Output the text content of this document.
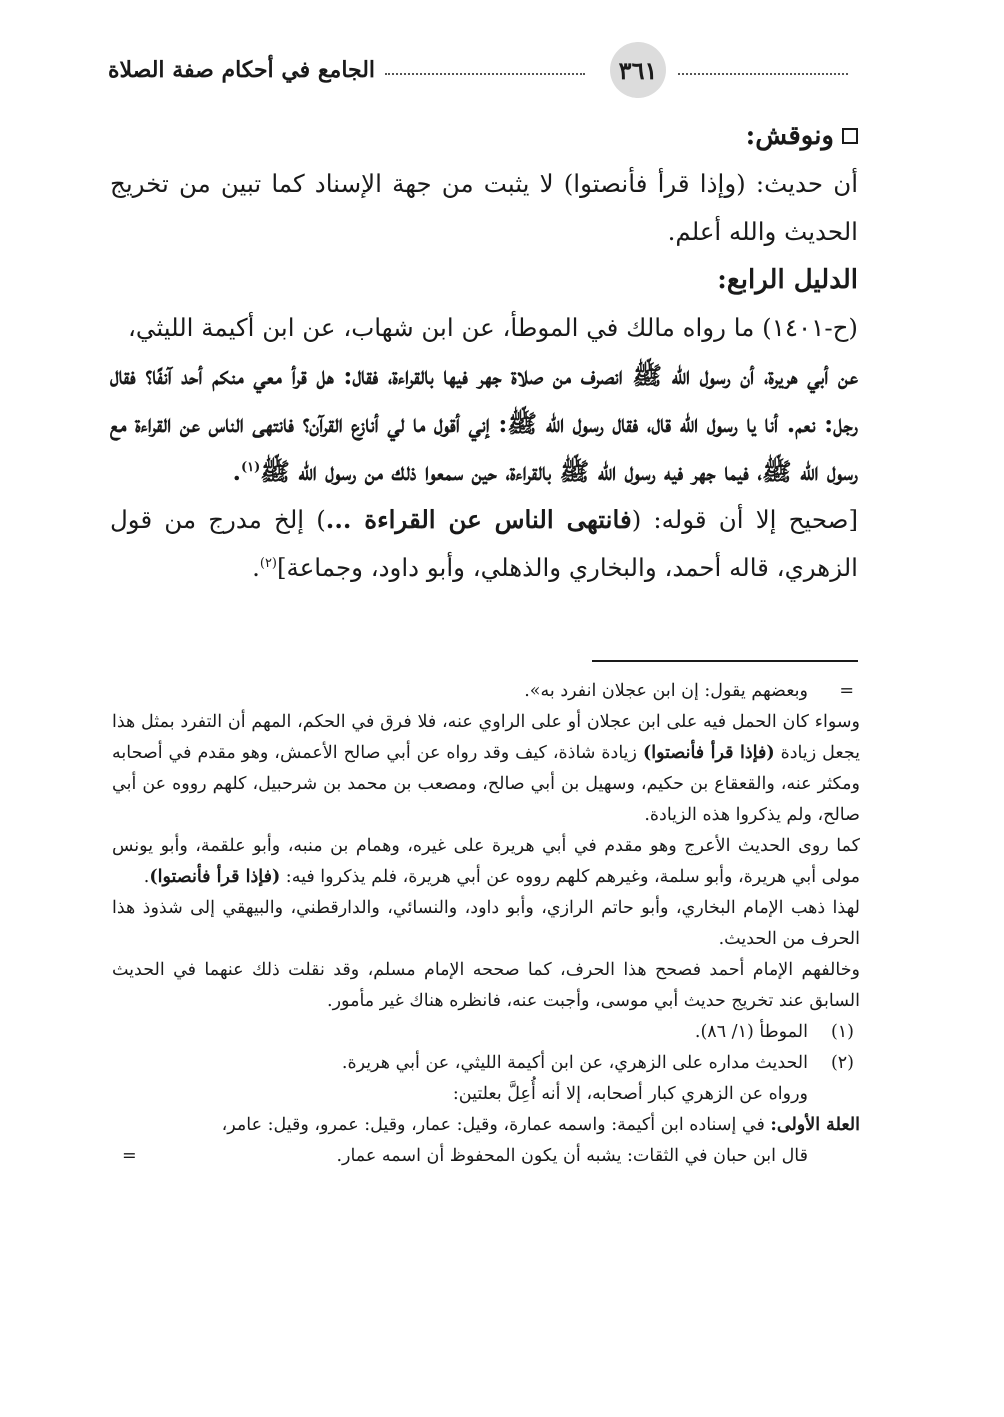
الجامع في أحكام صفة الصلاة	٣٦١
ونوقش:

أن حديث: (وإذا قرأ فأنصتوا) لا يثبت من جهة الإسناد كما تبين من تخريج الحديث والله أعلم.

الدليل الرابع:

(ح-١٤٠١) ما رواه مالك في الموطأ، عن ابن شهاب، عن ابن أكيمة الليثي،

عن أبي هريرة، أن رسول الله ﷺ انصرف من صلاة جهر فيها بالقراءة، فقال: هل قرأ معي منكم أحد آنفًا؟ فقال رجل: نعم. أنا يا رسول الله قال، فقال رسول الله ﷺ: إني أقول ما لي أنازع القرآن؟ فانتهى الناس عن القراءة مع رسول الله ﷺ، فيما جهر فيه رسول الله ﷺ بالقراءة، حين سمعوا ذلك من رسول الله ﷺ$^{(١)}$.

[صحيح إلا أن قوله: (فانتهى الناس عن القراءة ...) إلخ مدرج من قول الزهري، قاله أحمد، والبخاري والذهلي، وأبو داود، وجماعة]$^{(٢)}$.

=
وبعضهم يقول: إن ابن عجلان انفرد به».

وسواء كان الحمل فيه على ابن عجلان أو على الراوي عنه، فلا فرق في الحكم، المهم أن التفرد بمثل هذا يجعل زيادة (فإذا قرأ فأنصتوا) زيادة شاذة، كيف وقد رواه عن أبي صالح الأعمش، وهو مقدم في أصحابه ومكثر عنه، والقعقاع بن حكيم، وسهيل بن أبي صالح، ومصعب بن محمد بن شرحبيل، كلهم رووه عن أبي صالح، ولم يذكروا هذه الزيادة.

كما روى الحديث الأعرج وهو مقدم في أبي هريرة على غيره، وهمام بن منبه، وأبو علقمة، وأبو يونس مولى أبي هريرة، وأبو سلمة، وغيرهم كلهم رووه عن أبي هريرة، فلم يذكروا فيه: (فإذا قرأ فأنصتوا).

لهذا ذهب الإمام البخاري، وأبو حاتم الرازي، وأبو داود، والنسائي، والدارقطني، والبيهقي إلى شذوذ هذا الحرف من الحديث.

وخالفهم الإمام أحمد فصحح هذا الحرف، كما صححه الإمام مسلم، وقد نقلت ذلك عنهما في الحديث السابق عند تخريج حديث أبي موسى، وأجبت عنه، فانظره هناك غير مأمور.

(١)
الموطأ (١/ ٨٦).
(٢)
الحديث مداره على الزهري، عن ابن أكيمة الليثي، عن أبي هريرة.
ورواه عن الزهري كبار أصحابه، إلا أنه أُعِلَّ بعلتين:

العلة الأولى: في إسناده ابن أكيمة: واسمه عمارة، وقيل: عمار، وقيل: عمرو، وقيل: عامر،

قال ابن حبان في الثقات: يشبه أن يكون المحفوظ أن اسمه عمار.
=
